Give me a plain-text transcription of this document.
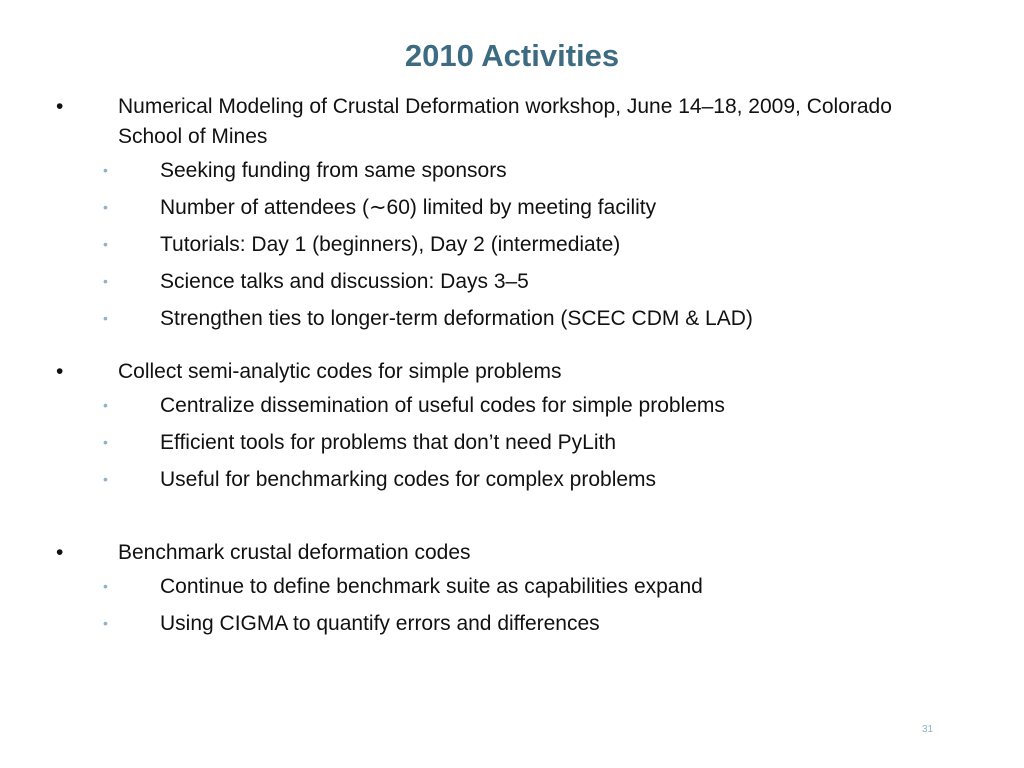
2010 Activities
•	Numerical Modeling of Crustal Deformation workshop, June 14–18, 2009, Colorado School of Mines
• Seeking funding from same sponsors
• Number of attendees (∼60) limited by meeting facility
• Tutorials: Day 1 (beginners), Day 2 (intermediate)
• Science talks and discussion: Days 3–5
• Strengthen ties to longer-term deformation (SCEC CDM & LAD)
•	Collect semi-analytic codes for simple problems
• Centralize dissemination of useful codes for simple problems
• Efficient tools for problems that don’t need PyLith
• Useful for benchmarking codes for complex problems
•	Benchmark crustal deformation codes
• Continue to define benchmark suite as capabilities expand
• Using CIGMA to quantify errors and differences
31
